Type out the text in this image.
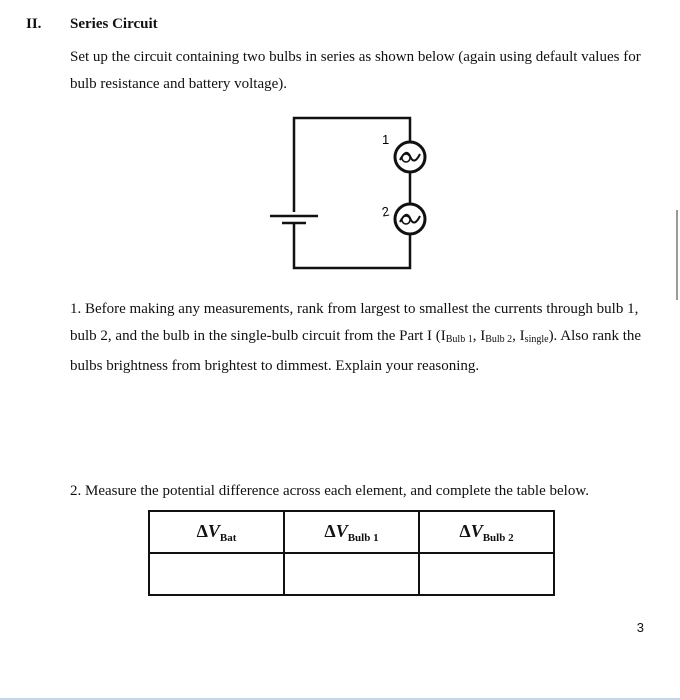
II. Series Circuit
Set up the circuit containing two bulbs in series as shown below (again using default values for bulb resistance and battery voltage).
1
2
1. Before making any measurements, rank from largest to smallest the currents through bulb 1, bulb 2, and the bulb in the single-bulb circuit from the Part I ($I_{Bulb 1}$, $I_{Bulb 2}$, $I_{single}$). Also rank the bulbs brightness from brightest to dimmest. Explain your reasoning.
2. Measure the potential difference across each element, and complete the table below.
$\Delta V_{Bat}$	$\Delta V_{Bulb 1}$	$\Delta V_{Bulb 2}$

3
